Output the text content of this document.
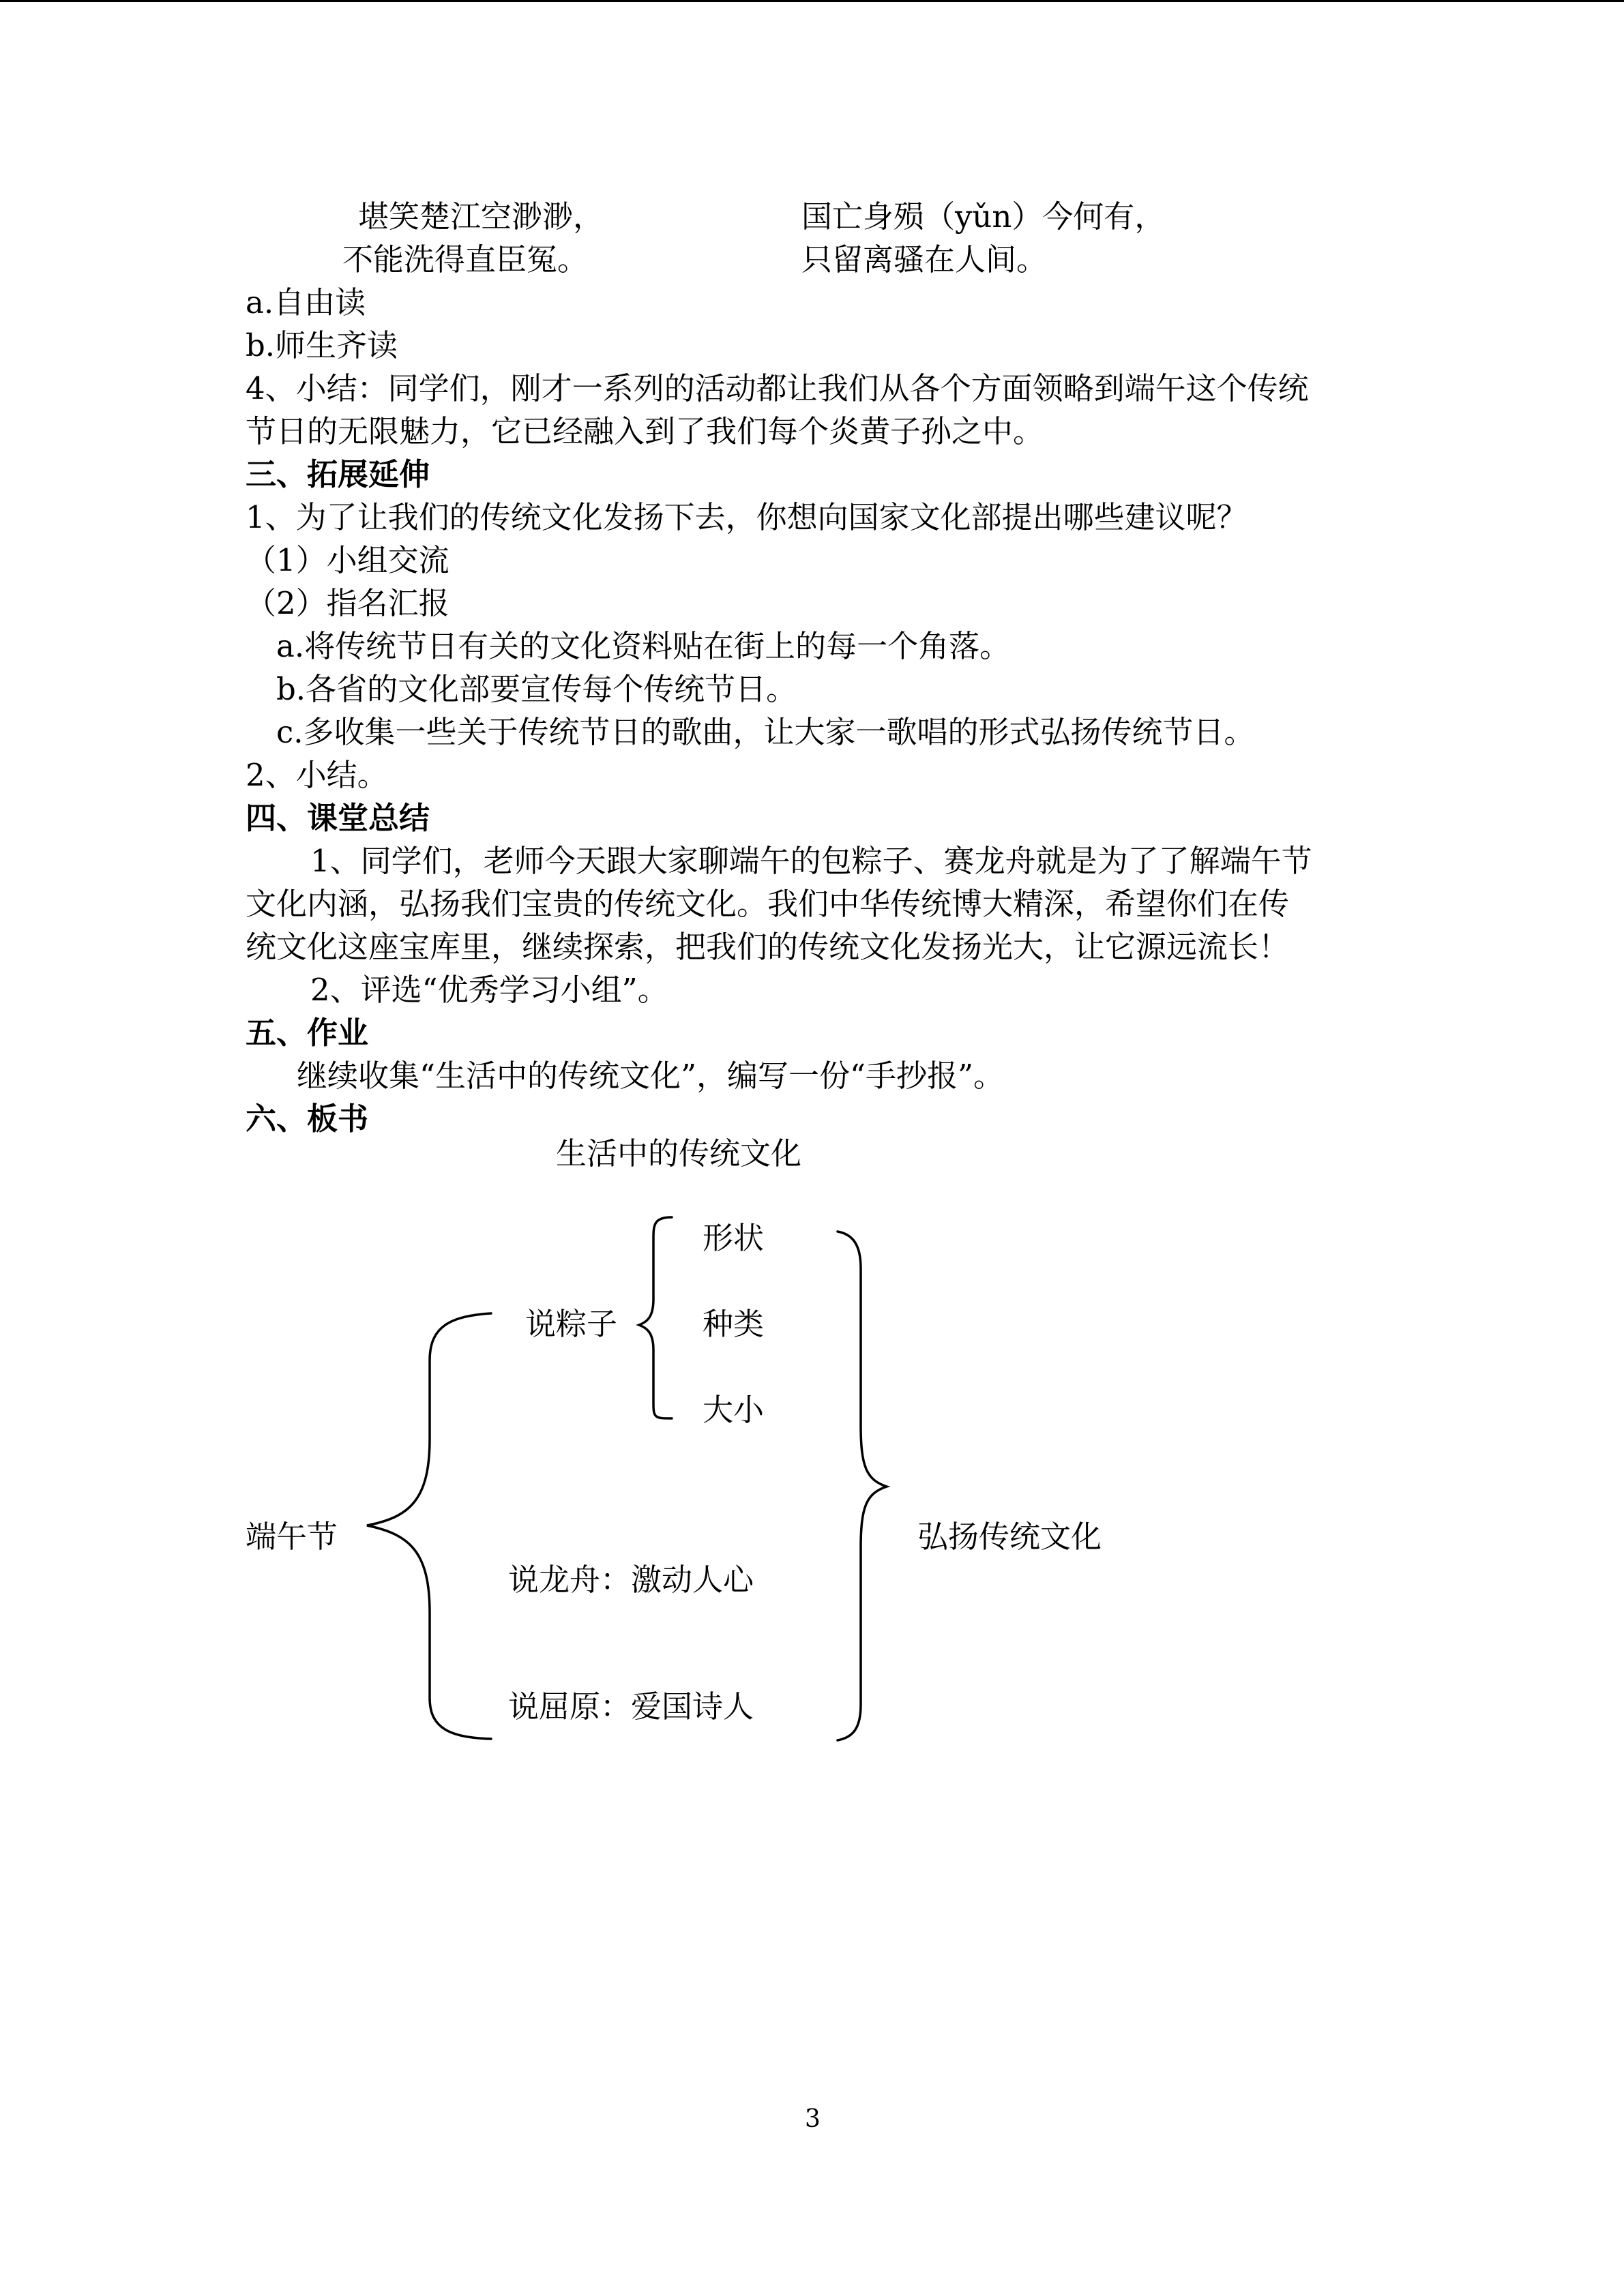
堪笑楚江空渺渺，	国亡身殒（yǔn）今何有，
不能洗得直臣冤。	只留离骚在人间。
a.自由读
b.师生齐读
4、小结：同学们，刚才一系列的活动都让我们从各个方面领略到端午这个传统
节日的无限魅力，它已经融入到了我们每个炎黄子孙之中。
三、拓展延伸
1、为了让我们的传统文化发扬下去，你想向国家文化部提出哪些建议呢？
（1）小组交流
（2）指名汇报
a.将传统节日有关的文化资料贴在街上的每一个角落。
b.各省的文化部要宣传每个传统节日。
c.多收集一些关于传统节日的歌曲，让大家一歌唱的形式弘扬传统节日。
2、小结。
四、课堂总结
1、同学们，老师今天跟大家聊端午的包粽子、赛龙舟就是为了了解端午节
文化内涵，弘扬我们宝贵的传统文化。我们中华传统博大精深，希望你们在传
统文化这座宝库里，继续探索，把我们的传统文化发扬光大，让它源远流长！
2、评选“优秀学习小组”。
五、作业
继续收集“生活中的传统文化”，编写一份“手抄报”。
六、板书
生活中的传统文化
形状
说粽子	种类
大小
端午节	弘扬传统文化
说龙舟：激动人心
说屈原：爱国诗人
3
